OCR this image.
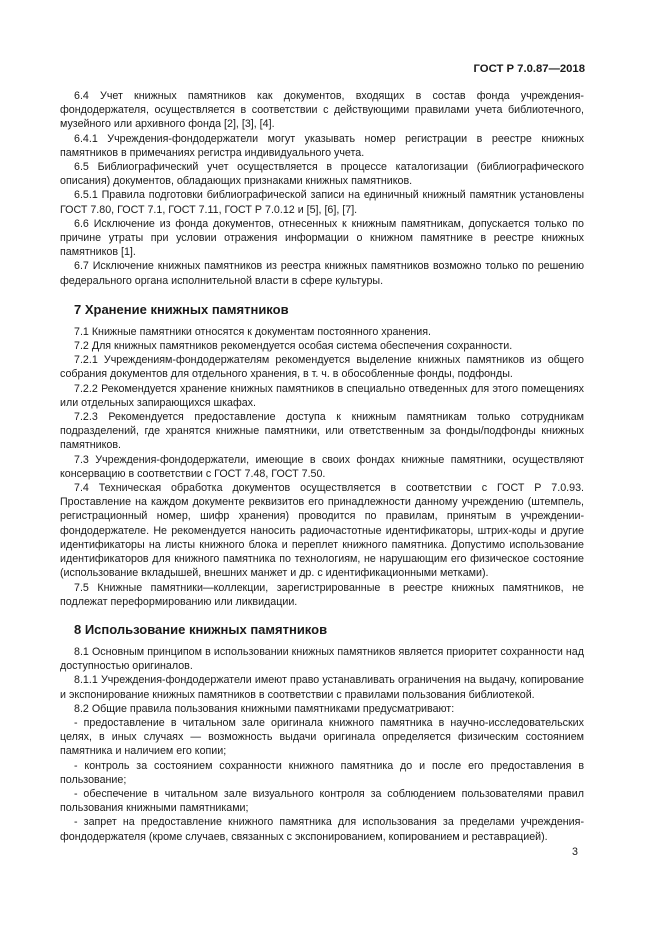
ГОСТ Р 7.0.87—2018

6.4 Учет книжных памятников как документов, входящих в состав фонда учреждения-фондодержателя, осуществляется в соответствии с действующими правилами учета библиотечного, музейного или архивного фонда [2], [3], [4].

6.4.1 Учреждения-фондодержатели могут указывать номер регистрации в реестре книжных памятников в примечаниях регистра индивидуального учета.

6.5 Библиографический учет осуществляется в процессе каталогизации (библиографического описания) документов, обладающих признаками книжных памятников.

6.5.1 Правила подготовки библиографической записи на единичный книжный памятник установлены ГОСТ 7.80, ГОСТ 7.1, ГОСТ 7.11, ГОСТ Р 7.0.12 и [5], [6], [7].

6.6 Исключение из фонда документов, отнесенных к книжным памятникам, допускается только по причине утраты при условии отражения информации о книжном памятнике в реестре книжных памятников [1].

6.7 Исключение книжных памятников из реестра книжных памятников возможно только по решению федерального органа исполнительной власти в сфере культуры.

7 Хранение книжных памятников

7.1 Книжные памятники относятся к документам постоянного хранения.

7.2 Для книжных памятников рекомендуется особая система обеспечения сохранности.

7.2.1 Учреждениям-фондодержателям рекомендуется выделение книжных памятников из общего собрания документов для отдельного хранения, в т. ч. в обособленные фонды, подфонды.

7.2.2 Рекомендуется хранение книжных памятников в специально отведенных для этого помещениях или отдельных запирающихся шкафах.

7.2.3 Рекомендуется предоставление доступа к книжным памятникам только сотрудникам подразделений, где хранятся книжные памятники, или ответственным за фонды/подфонды книжных памятников.

7.3 Учреждения-фондодержатели, имеющие в своих фондах книжные памятники, осуществляют консервацию в соответствии с ГОСТ 7.48, ГОСТ 7.50.

7.4 Техническая обработка документов осуществляется в соответствии с ГОСТ Р 7.0.93. Проставление на каждом документе реквизитов его принадлежности данному учреждению (штемпель, регистрационный номер, шифр хранения) проводится по правилам, принятым в учреждении-фондодержателе. Не рекомендуется наносить радиочастотные идентификаторы, штрих-коды и другие идентификаторы на листы книжного блока и переплет книжного памятника. Допустимо использование идентификаторов для книжного памятника по технологиям, не нарушающим его физическое состояние (использование вкладышей, внешних манжет и др. с идентификационными метками).

7.5 Книжные памятники—коллекции, зарегистрированные в реестре книжных памятников, не подлежат переформированию или ликвидации.

8 Использование книжных памятников

8.1 Основным принципом в использовании книжных памятников является приоритет сохранности над доступностью оригиналов.

8.1.1 Учреждения-фондодержатели имеют право устанавливать ограничения на выдачу, копирование и экспонирование книжных памятников в соответствии с правилами пользования библиотекой.

8.2 Общие правила пользования книжными памятниками предусматривают:

- предоставление в читальном зале оригинала книжного памятника в научно-исследовательских целях, в иных случаях — возможность выдачи оригинала определяется физическим состоянием памятника и наличием его копии;

- контроль за состоянием сохранности книжного памятника до и после его предоставления в пользование;

- обеспечение в читальном зале визуального контроля за соблюдением пользователями правил пользования книжными памятниками;

- запрет на предоставление книжного памятника для использования за пределами учреждения-фондодержателя (кроме случаев, связанных с экспонированием, копированием и реставрацией).

3
